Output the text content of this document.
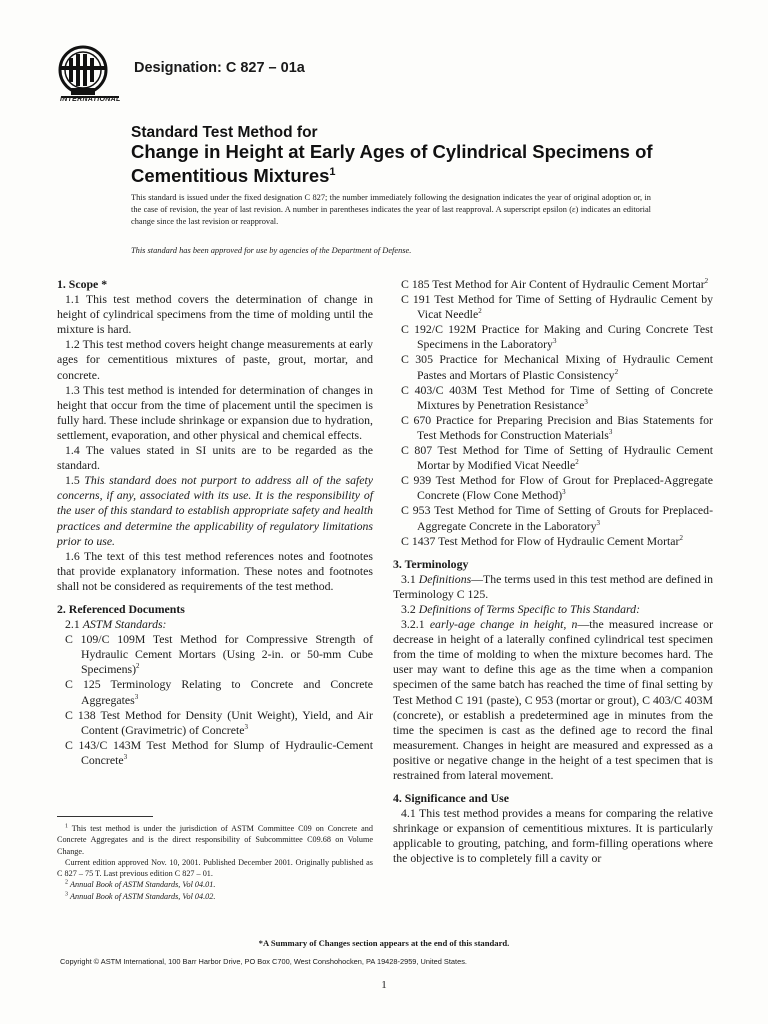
INTERNATIONAL
Designation: C 827 – 01a
Standard Test Method for
Change in Height at Early Ages of Cylindrical Specimens of
Cementitious Mixtures$^1$
This standard is issued under the fixed designation C 827; the number immediately following the designation indicates the year of original adoption or, in the case of revision, the year of last revision. A number in parentheses indicates the year of last reapproval. A superscript epsilon (ε) indicates an editorial change since the last revision or reapproval.
This standard has been approved for use by agencies of the Department of Defense.
1. Scope *

1.1 This test method covers the determination of change in height of cylindrical specimens from the time of molding until the mixture is hard.

1.2 This test method covers height change measurements at early ages for cementitious mixtures of paste, grout, mortar, and concrete.

1.3 This test method is intended for determination of changes in height that occur from the time of placement until the specimen is fully hard. These include shrinkage or expansion due to hydration, settlement, evaporation, and other physical and chemical effects.

1.4 The values stated in SI units are to be regarded as the standard.

1.5 This standard does not purport to address all of the safety concerns, if any, associated with its use. It is the responsibility of the user of this standard to establish appropriate safety and health practices and determine the applicability of regulatory limitations prior to use.

1.6 The text of this test method references notes and footnotes that provide explanatory information. These notes and footnotes shall not be considered as requirements of the test method.

2. Referenced Documents

2.1 ASTM Standards:

C 109/C 109M Test Method for Compressive Strength of Hydraulic Cement Mortars (Using 2-in. or 50-mm Cube Specimens)$^2$

C 125 Terminology Relating to Concrete and Concrete Aggregates$^3$

C 138 Test Method for Density (Unit Weight), Yield, and Air Content (Gravimetric) of Concrete$^3$

C 143/C 143M Test Method for Slump of Hydraulic-Cement Concrete$^3$

$^1$ This test method is under the jurisdiction of ASTM Committee C09 on Concrete and Concrete Aggregates and is the direct responsibility of Subcommittee C09.68 on Volume Change.

Current edition approved Nov. 10, 2001. Published December 2001. Originally published as C 827 – 75 T. Last previous edition C 827 – 01.

$^2$ Annual Book of ASTM Standards, Vol 04.01.

$^3$ Annual Book of ASTM Standards, Vol 04.02.

C 185 Test Method for Air Content of Hydraulic Cement Mortar$^2$

C 191 Test Method for Time of Setting of Hydraulic Cement by Vicat Needle$^2$

C 192/C 192M Practice for Making and Curing Concrete Test Specimens in the Laboratory$^3$

C 305 Practice for Mechanical Mixing of Hydraulic Cement Pastes and Mortars of Plastic Consistency$^2$

C 403/C 403M Test Method for Time of Setting of Concrete Mixtures by Penetration Resistance$^3$

C 670 Practice for Preparing Precision and Bias Statements for Test Methods for Construction Materials$^3$

C 807 Test Method for Time of Setting of Hydraulic Cement Mortar by Modified Vicat Needle$^2$

C 939 Test Method for Flow of Grout for Preplaced-Aggregate Concrete (Flow Cone Method)$^3$

C 953 Test Method for Time of Setting of Grouts for Preplaced-Aggregate Concrete in the Laboratory$^3$

C 1437 Test Method for Flow of Hydraulic Cement Mortar$^2$

3. Terminology

3.1 Definitions—The terms used in this test method are defined in Terminology C 125.

3.2 Definitions of Terms Specific to This Standard:

3.2.1 early-age change in height, n—the measured increase or decrease in height of a laterally confined cylindrical test specimen from the time of molding to when the mixture becomes hard. The user may want to define this age as the time when a companion specimen of the same batch has reached the time of final setting by Test Method C 191 (paste), C 953 (mortar or grout), C 403/C 403M (concrete), or establish a predetermined age in minutes from the time the specimen is cast as the defined age to record the final measurement. Changes in height are measured and expressed as a positive or negative change in the height of a test specimen that is restrained from lateral movement.

4. Significance and Use

4.1 This test method provides a means for comparing the relative shrinkage or expansion of cementitious mixtures. It is particularly applicable to grouting, patching, and form-filling operations where the objective is to completely fill a cavity or

*A Summary of Changes section appears at the end of this standard.
Copyright © ASTM International, 100 Barr Harbor Drive, PO Box C700, West Conshohocken, PA 19428-2959, United States.
1
